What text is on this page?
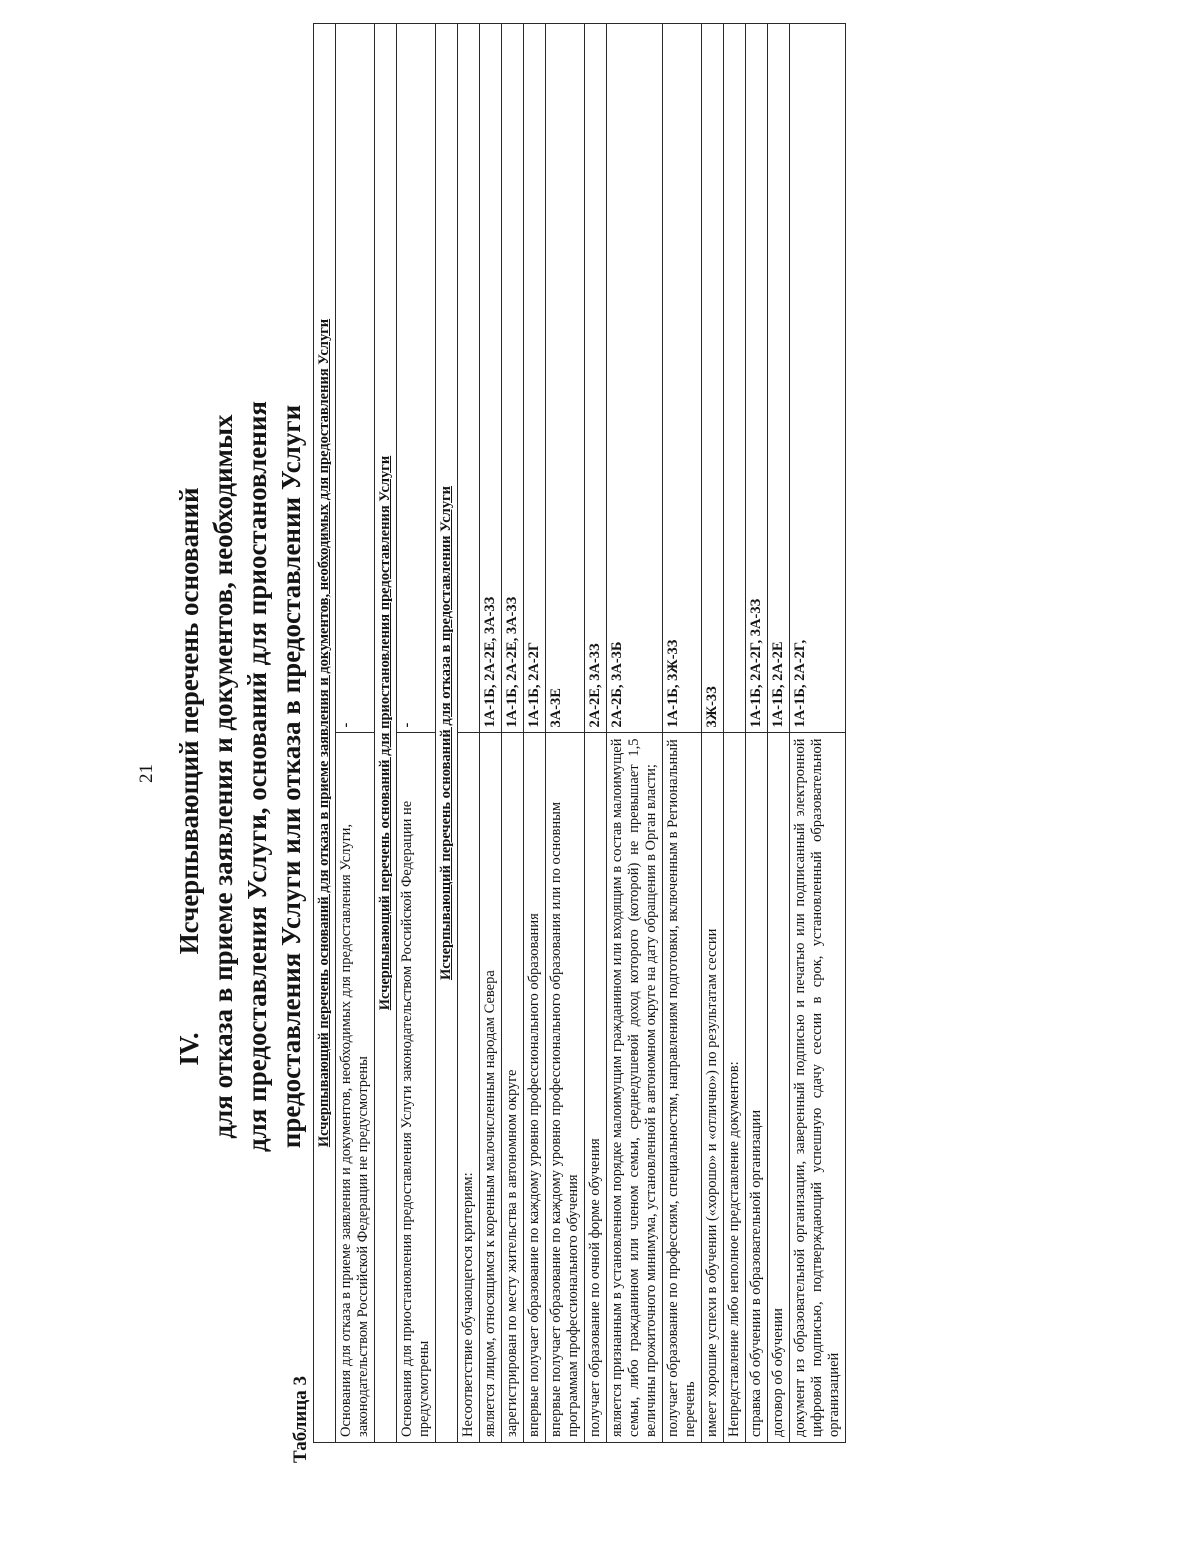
21
IV.Исчерпывающий перечень оснований для отказа в приеме заявления и документов, необходимых для предоставления Услуги, оснований для приостановления предоставления Услуги или отказа в предоставлении Услуги
Таблица 3
Исчерпывающий перечень оснований для отказа в приеме заявления и документов, необходимых для предоставления Услуги	
Основания для отказа в приеме заявления и документов, необходимых для предоставления Услуги, законодательством Российской Федерации не предусмотрены	-
Исчерпывающий перечень оснований для приостановления предоставления Услуги	
Основания для приостановления предоставления Услуги законодательством Российской Федерации не предусмотрены	-
Исчерпывающий перечень оснований для отказа в предоставлении Услуги	
Несоответствие обучающегося критериям:	
является лицом, относящимся к коренным малочисленным народам Севера	1А-1Б, 2А-2Е, 3А-3З
зарегистрирован по месту жительства в автономном округе	1А-1Б, 2А-2Е, 3А-3З
впервые получает образование по каждому уровню профессионального образования	1А-1Б, 2А-2Г
впервые получает образование по каждому уровню профессионального образования или по основным программам профессионального обучения	3А-3Е
получает образование по очной форме обучения	2А-2Е, 3А-3З
является признанным в установленном порядке малоимущим гражданином или входящим в состав малоимущей семьи, либо гражданином или членом семьи, среднедушевой доход которого (которой) не превышает 1,5 величины прожиточного минимума, установленной в автономном округе на дату обращения в Орган власти;	2А-2Б, 3А-3Б
получает образование по профессиям, специальностям, направлениям подготовки, включенным в Региональный перечень	1А-1Б, 3Ж-3З
имеет хорошие успехи в обучении («хорошо» и «отлично») по результатам сессии	3Ж-3З
Непредставление либо неполное представление документов:	
справка об обучении в образовательной организации	1А-1Б, 2А-2Г, 3А-3З
договор об обучении	1А-1Б, 2А-2Е
документ из образовательной организации, заверенный подписью и печатью или подписанный электронной цифровой подписью, подтверждающий успешную сдачу сессии в срок, установленный образовательной организацией	1А-1Б, 2А-2Г,
